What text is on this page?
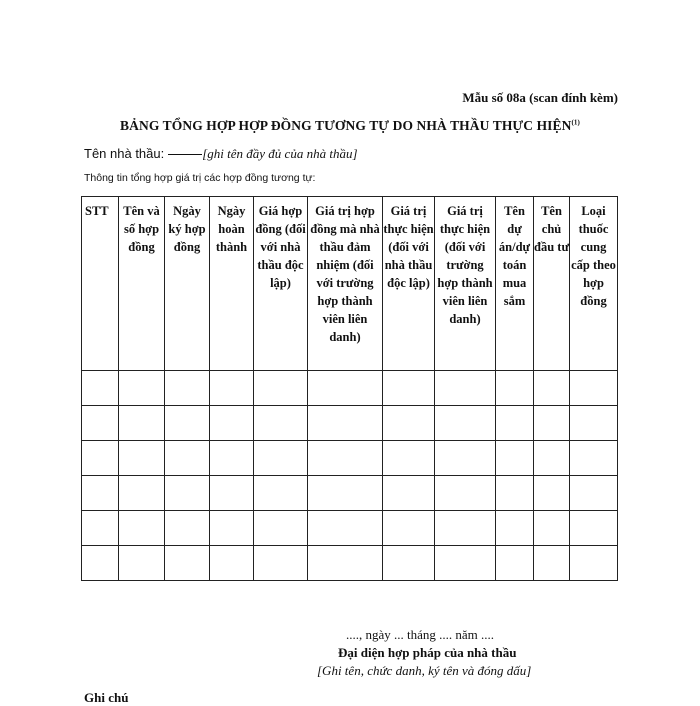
Mẫu số 08a (scan đính kèm)
BẢNG TỔNG HỢP HỢP ĐỒNG TƯƠNG TỰ DO NHÀ THẦU THỰC HIỆN$^{(1)}$
Tên nhà thầu:	[ghi tên đầy đủ của nhà thầu]
Thông tin tổng hợp giá trị các hợp đồng tương tự:
STT	Tên và số hợp đồng	Ngày ký hợp đồng	Ngày hoàn thành	Giá hợp đồng (đối với nhà thầu độc lập)	Giá trị hợp đồng mà nhà thầu đảm nhiệm (đối với trường hợp thành viên liên danh)	Giá trị thực hiện (đối với nhà thầu độc lập)	Giá trị thực hiện (đối với trường hợp thành viên liên danh)	Tên dự án/dự toán mua sắm	Tên chủ đầu tư	Loại thuốc cung cấp theo hợp đồng

...., ngày ... tháng .... năm ....
Đại diện hợp pháp của nhà thầu
[Ghi tên, chức danh, ký tên và đóng dấu]
Ghi chú
